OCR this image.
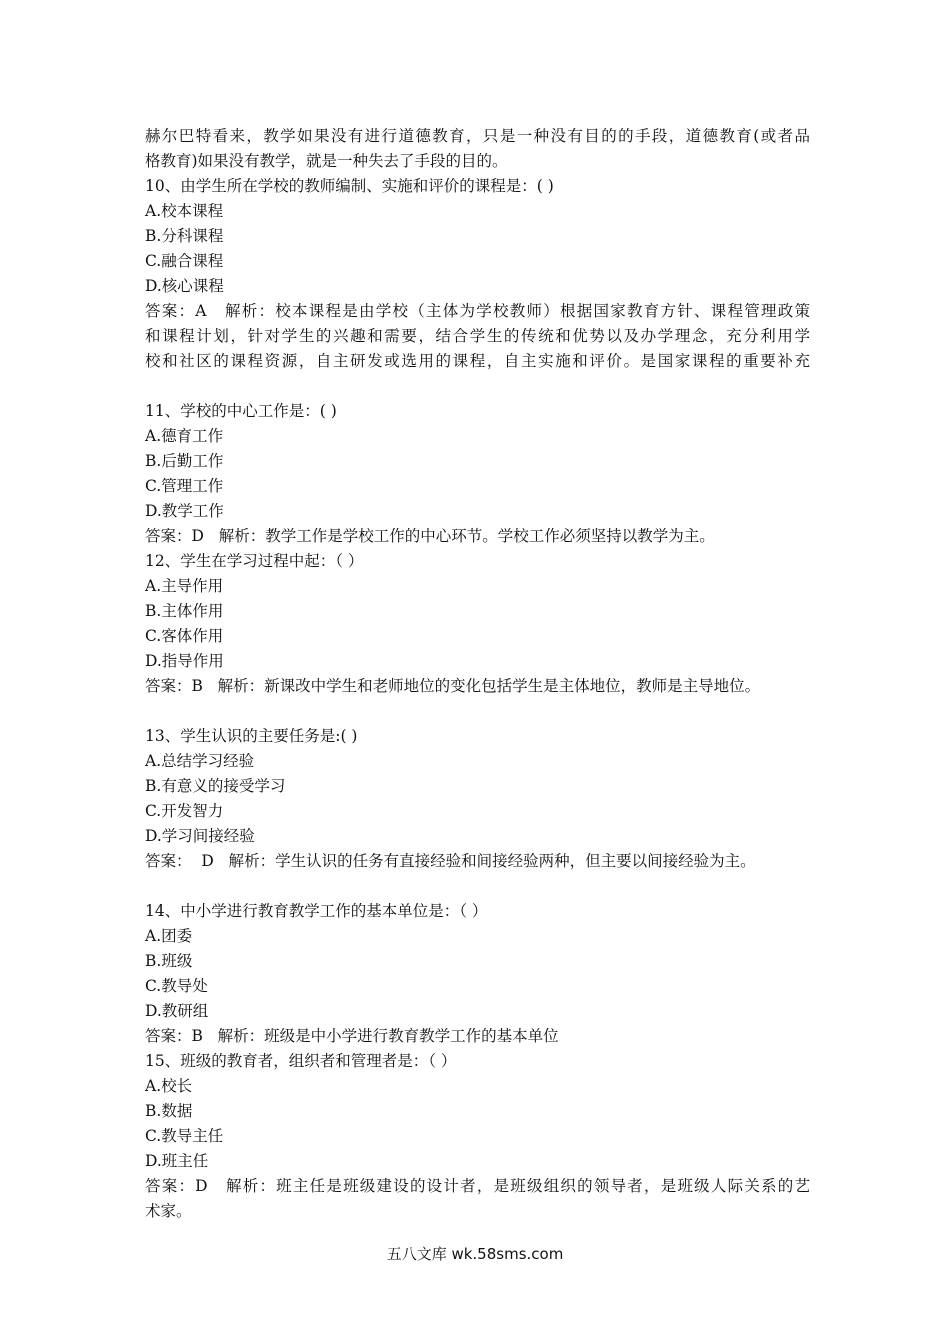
赫尔巴特看来，教学如果没有进行道德教育，只是一种没有目的的手段，道德教育(或者品
格教育)如果没有教学，就是一种失去了手段的目的。
10、由学生所在学校的教师编制、实施和评价的课程是：( )
A.校本课程
B.分科课程
C.融合课程
D.核心课程
答案：A   解析：校本课程是由学校（主体为学校教师）根据国家教育方针、课程管理政策
和课程计划，针对学生的兴趣和需要，结合学生的传统和优势以及办学理念，充分利用学
校和社区的课程资源，自主研发或选用的课程，自主实施和评价。是国家课程的重要补充
11、学校的中心工作是：( )
A.德育工作
B.后勤工作
C.管理工作
D.教学工作
答案：D   解析：教学工作是学校工作的中心环节。学校工作必须坚持以教学为主。
12、学生在学习过程中起：（ ）
A.主导作用
B.主体作用
C.客体作用
D.指导作用
答案：B   解析：新课改中学生和老师地位的变化包括学生是主体地位，教师是主导地位。
13、学生认识的主要任务是:( )
A.总结学习经验
B.有意义的接受学习
C.开发智力
D.学习间接经验
答案：  D   解析：学生认识的任务有直接经验和间接经验两种，但主要以间接经验为主。
14、中小学进行教育教学工作的基本单位是：（ ）
A.团委
B.班级
C.教导处
D.教研组
答案：B   解析：班级是中小学进行教育教学工作的基本单位
15、班级的教育者，组织者和管理者是：（ ）
A.校长
B.数据
C.教导主任
D.班主任
答案：D   解析：班主任是班级建设的设计者，是班级组织的领导者，是班级人际关系的艺
术家。
五八文库 wk.58sms.com
